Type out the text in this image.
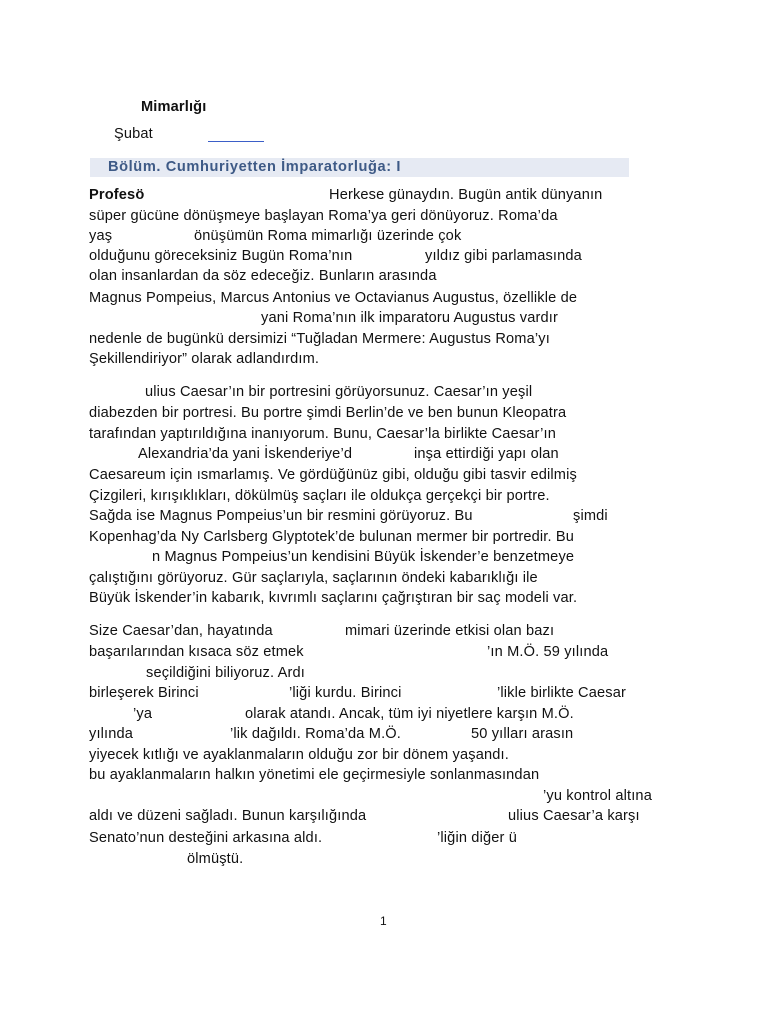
Mimarlığı
Şubat
Bölüm. Cumhuriyetten İmparatorluğa: I
Profesö	Herkese günaydın. Bugün antik dünyanın
süper gücüne dönüşmeye başlayan Roma’ya geri dönüyoruz. Roma’da
yaş	önüşümün Roma mimarlığı üzerinde çok
olduğunu göreceksiniz Bugün Roma’nın	yıldız gibi parlamasında
olan insanlardan da söz edeceğiz. Bunların arasında
Magnus Pompeius, Marcus Antonius ve Octavianus Augustus, özellikle de
yani Roma’nın ilk imparatoru Augustus vardır
nedenle de bugünkü dersimizi “Tuğladan Mermere: Augustus Roma’yı
Şekillendiriyor” olarak adlandırdım.
ulius Caesar’ın bir portresini görüyorsunuz. Caesar’ın yeşil
diabezden bir portresi. Bu portre şimdi Berlin’de ve ben bunun Kleopatra
tarafından yaptırıldığına inanıyorum. Bunu, Caesar’la birlikte Caesar’ın
Alexandria’da yani İskenderiye’d	inşa ettirdiği yapı olan
Caesareum için ısmarlamış. Ve gördüğünüz gibi, olduğu gibi tasvir edilmiş
Çizgileri, kırışıklıkları, dökülmüş saçları ile oldukça gerçekçi bir portre.
Sağda ise Magnus Pompeius’un bir resmini görüyoruz. Bu	şimdi
Kopenhag’da Ny Carlsberg Glyptotek’de bulunan mermer bir portredir. Bu
n Magnus Pompeius’un kendisini Büyük İskender’e benzetmeye
çalıştığını görüyoruz. Gür saçlarıyla, saçlarının öndeki kabarıklığı ile
Büyük İskender’in kabarık, kıvrımlı saçlarını çağrıştıran bir saç modeli var.
Size Caesar’dan, hayatında	mimari üzerinde etkisi olan bazı
başarılarından kısaca söz etmek	’ın M.Ö. 59 yılında
seçildiğini biliyoruz. Ardı
birleşerek Birinci	’liği kurdu. Birinci	’likle birlikte Caesar
’ya	olarak atandı. Ancak, tüm iyi niyetlere karşın M.Ö.
yılında	’lik dağıldı. Roma’da M.Ö.	50 yılları arasın
yiyecek kıtlığı ve ayaklanmaların olduğu zor bir dönem yaşandı.
bu ayaklanmaların halkın yönetimi ele geçirmesiyle sonlanmasından
’yu kontrol altına
aldı ve düzeni sağladı. Bunun karşılığında	ulius Caesar’a karşı
Senato’nun desteğini arkasına aldı.	’liğin diğer ü
ölmüştü.
1
